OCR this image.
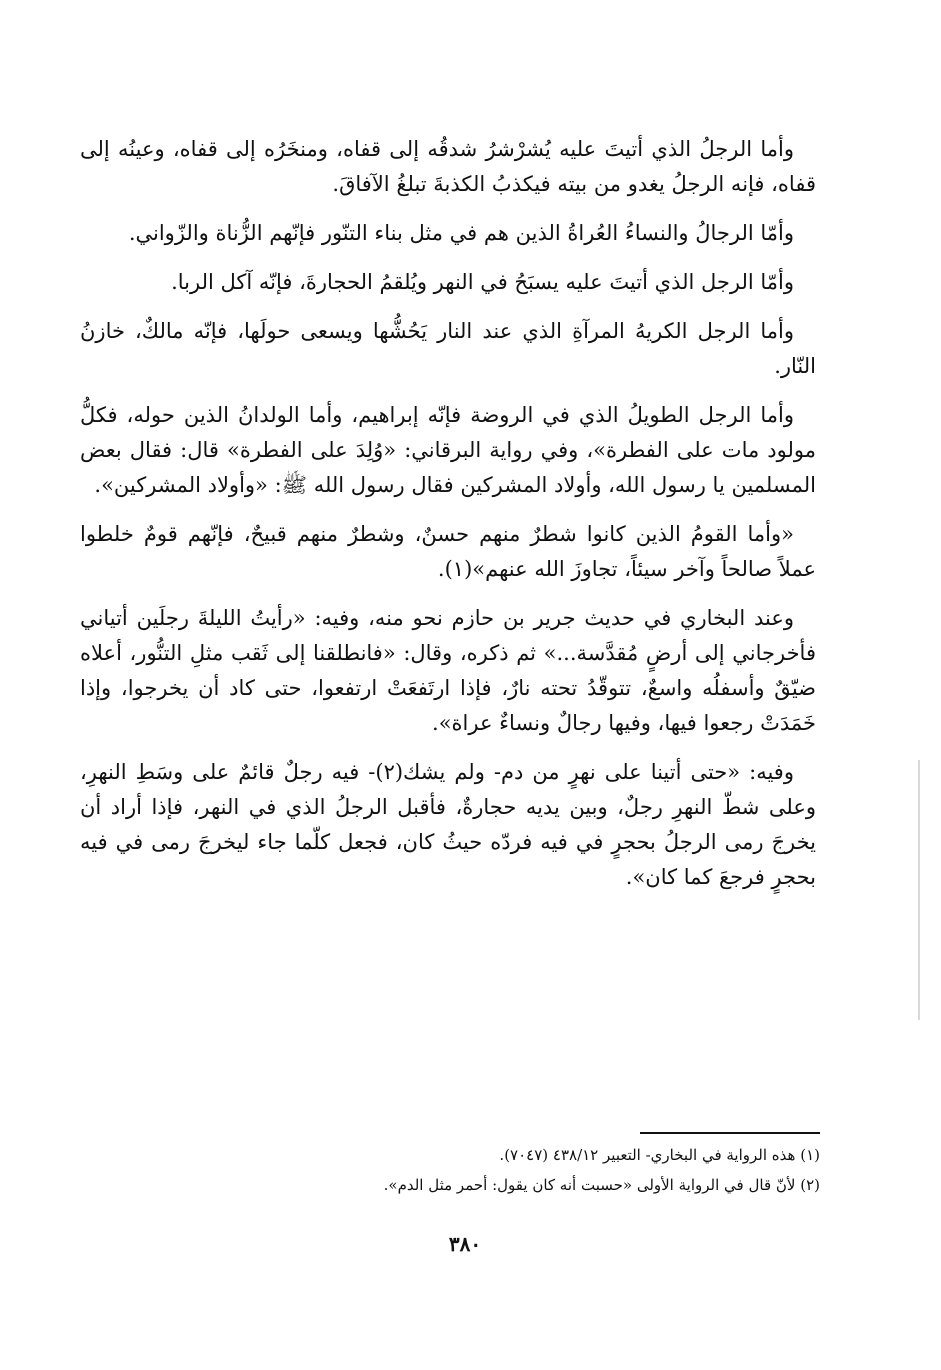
وأما الرجلُ الذي أتيتَ عليه يُشرْشرُ شدقُه إلى قفاه، ومنخَرُه إلى قفاه، وعينُه إلى قفاه، فإنه الرجلُ يغدو من بيته فيكذبُ الكذبةَ تبلغُ الآفاقَ.

وأمّا الرجالُ والنساءُ العُراةُ الذين هم في مثل بناء التنّور فإنّهم الزُّناة والزّواني.

وأمّا الرجل الذي أتيتَ عليه يسبَحُ في النهر ويُلقمُ الحجارةَ، فإنّه آكل الربا.

وأما الرجل الكريهُ المرآةِ الذي عند النار يَحُشُّها ويسعى حولَها، فإنّه مالكٌ، خازنُ النّار.

وأما الرجل الطويلُ الذي في الروضة فإنّه إبراهيم، وأما الولدانُ الذين حوله، فكلُّ مولود مات على الفطرة»، وفي رواية البرقاني: «وُلِدَ على الفطرة» قال: فقال بعض المسلمين يا رسول الله، وأولاد المشركين فقال رسول الله ﷺ: «وأولاد المشركين».

«وأما القومُ الذين كانوا شطرٌ منهم حسنٌ، وشطرٌ منهم قبيحٌ، فإنّهم قومٌ خلطوا عملاً صالحاً وآخر سيئاً، تجاوزَ الله عنهم»(١).

وعند البخاري في حديث جرير بن حازم نحو منه، وفيه: «رأيتُ الليلةَ رجلَين أتياني فأخرجاني إلى أرضٍ مُقدَّسة...» ثم ذكره، وقال: «فانطلقنا إلى ثَقب مثلِ التنُّور، أعلاه ضيّقٌ وأسفلُه واسعٌ، تتوقّدُ تحته نارٌ، فإذا ارتَفعَتْ ارتفعوا، حتى كاد أن يخرجوا، وإذا خَمَدَتْ رجعوا فيها، وفيها رجالٌ ونساءٌ عراة».

وفيه: «حتى أتينا على نهرٍ من دم- ولم يشك(٢)- فيه رجلٌ قائمٌ على وسَطِ النهرِ، وعلى شطّ النهرِ رجلٌ، وبين يديه حجارةٌ، فأقبل الرجلُ الذي في النهر، فإذا أراد أن يخرجَ رمى الرجلُ بحجرٍ في فيه فردّه حيثُ كان، فجعل كلّما جاء ليخرجَ رمى في فيه بحجرٍ فرجعَ كما كان».

(١) هذه الرواية في البخاري- التعبير ٤٣٨/١٢ (٧٠٤٧).

(٢) لأنّ قال في الرواية الأولى «حسبت أنه كان يقول: أحمر مثل الدم».

٣٨٠
